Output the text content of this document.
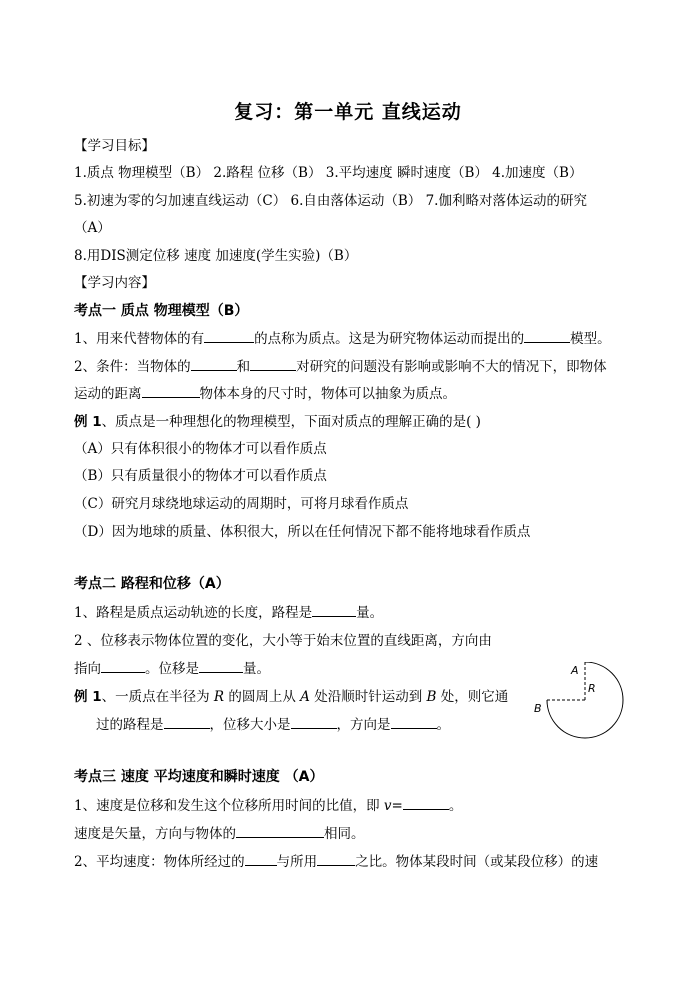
复习：第一单元 直线运动
【学习目标】
1.质点 物理模型（B） 2.路程 位移（B） 3.平均速度 瞬时速度（B） 4.加速度（B）
5.初速为零的匀加速直线运动（C） 6.自由落体运动（B） 7.伽利略对落体运动的研究
（A）
8.用DIS测定位移 速度 加速度(学生实验)（B）
【学习内容】
考点一 质点 物理模型（B）
1、用来代替物体的有	的点称为质点。这是为研究物体运动而提出的	模型。
2、条件：当物体的	和	对研究的问题没有影响或影响不大的情况下，即物体
运动的距离	物体本身的尺寸时，物体可以抽象为质点。
例 1、质点是一种理想化的物理模型，下面对质点的理解正确的是( )
（A）只有体积很小的物体才可以看作质点
（B）只有质量很小的物体才可以看作质点
（C）研究月球绕地球运动的周期时，可将月球看作质点
（D）因为地球的质量、体积很大，所以在任何情况下都不能将地球看作质点
考点二 路程和位移（A）
1、路程是质点运动轨迹的长度，路程是	量。
2 、位移表示物体位置的变化，大小等于始末位置的直线距离，方向由
指向	。位移是	量。
例 1、一质点在半径为 R 的圆周上从 A 处沿顺时针运动到 B 处，则它通
过的路程是	，位移大小是	，方向是	。
A
R
B
考点三 速度 平均速度和瞬时速度 （A）
1、速度是位移和发生这个位移所用时间的比值，即 v=	。
速度是矢量，方向与物体的	相同。
2、平均速度：物体所经过的 与所用	之比。物体某段时间（或某段位移）的速
